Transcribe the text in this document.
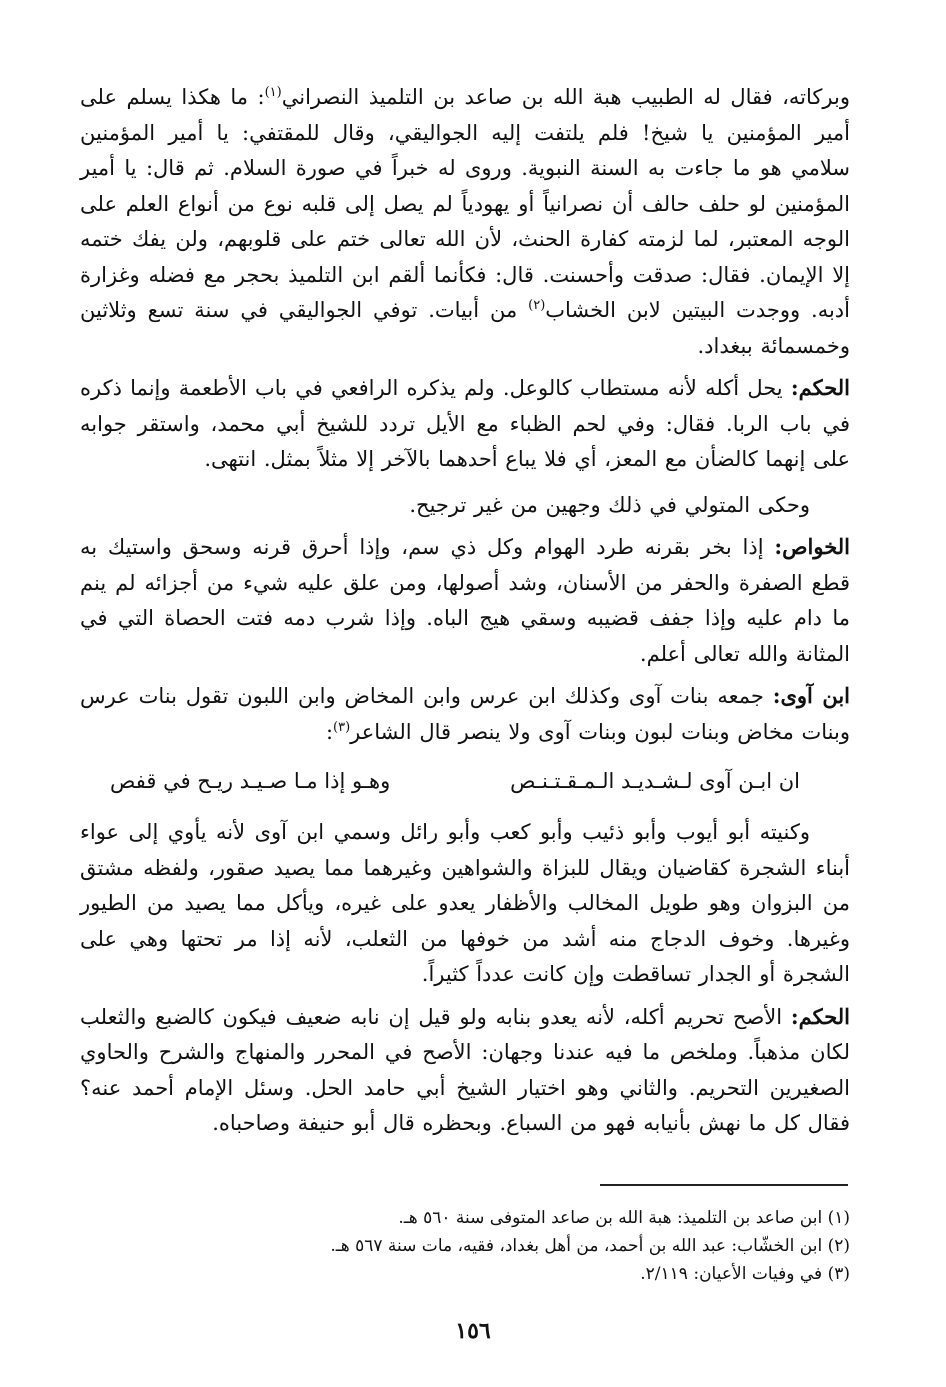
وبركاته، فقال له الطبيب هبة الله بن صاعد بن التلميذ النصراني$^{(١)}$: ما هكذا يسلم على أمير المؤمنين يا شيخ! فلم يلتفت إليه الجواليقي، وقال للمقتفي: يا أمير المؤمنين سلامي هو ما جاءت به السنة النبوية. وروى له خبراً في صورة السلام. ثم قال: يا أمير المؤمنين لو حلف حالف أن نصرانياً أو يهودياً لم يصل إلى قلبه نوع من أنواع العلم على الوجه المعتبر، لما لزمته كفارة الحنث، لأن الله تعالى ختم على قلوبهم، ولن يفك ختمه إلا الإيمان. فقال: صدقت وأحسنت. قال: فكأنما ألقم ابن التلميذ بحجر مع فضله وغزارة أدبه. ووجدت البيتين لابن الخشاب$^{(٢)}$ من أبيات. توفي الجواليقي في سنة تسع وثلاثين وخمسمائة ببغداد.

الحكم: يحل أكله لأنه مستطاب كالوعل. ولم يذكره الرافعي في باب الأطعمة وإنما ذكره في باب الربا. فقال: وفي لحم الظباء مع الأيل تردد للشيخ أبي محمد، واستقر جوابه على إنهما كالضأن مع المعز، أي فلا يباع أحدهما بالآخر إلا مثلاً بمثل. انتهى.

وحكى المتولي في ذلك وجهين من غير ترجيح.

الخواص: إذا بخر بقرنه طرد الهوام وكل ذي سم، وإذا أحرق قرنه وسحق واستيك به قطع الصفرة والحفر من الأسنان، وشد أصولها، ومن علق عليه شيء من أجزائه لم ينم ما دام عليه وإذا جفف قضيبه وسقي هيج الباه. وإذا شرب دمه فتت الحصاة التي في المثانة والله تعالى أعلم.

ابن آوى: جمعه بنات آوى وكذلك ابن عرس وابن المخاض وابن اللبون تقول بنات عرس وبنات مخاض وبنات لبون وبنات آوى ولا ينصر قال الشاعر$^{(٣)}$:

ان ابـن آوى لـشـديـد الـمـقـتـنـص
وهـو إذا مـا صـيـد ريـح في قفص

وكنيته أبو أيوب وأبو ذئيب وأبو كعب وأبو رائل وسمي ابن آوى لأنه يأوي إلى عواء أبناء الشجرة كقاضيان ويقال للبزاة والشواهين وغيرهما مما يصيد صقور، ولفظه مشتق من البزوان وهو طويل المخالب والأظفار يعدو على غيره، ويأكل مما يصيد من الطيور وغيرها. وخوف الدجاج منه أشد من خوفها من الثعلب، لأنه إذا مر تحتها وهي على الشجرة أو الجدار تساقطت وإن كانت عدداً كثيراً.

الحكم: الأصح تحريم أكله، لأنه يعدو بنابه ولو قيل إن نابه ضعيف فيكون كالضبع والثعلب لكان مذهباً. وملخص ما فيه عندنا وجهان: الأصح في المحرر والمنهاج والشرح والحاوي الصغيرين التحريم. والثاني وهو اختيار الشيخ أبي حامد الحل. وسئل الإمام أحمد عنه؟ فقال كل ما نهش بأنيابه فهو من السباع. وبحظره قال أبو حنيفة وصاحباه.

(١) ابن صاعد بن التلميذ: هبة الله بن صاعد المتوفى سنة ٥٦٠ هـ.

(٢) ابن الخشّاب: عبد الله بن أحمد، من أهل بغداد، فقيه، مات سنة ٥٦٧ هـ.

(٣) في وفيات الأعيان: ٢/١١٩.

١٥٦
